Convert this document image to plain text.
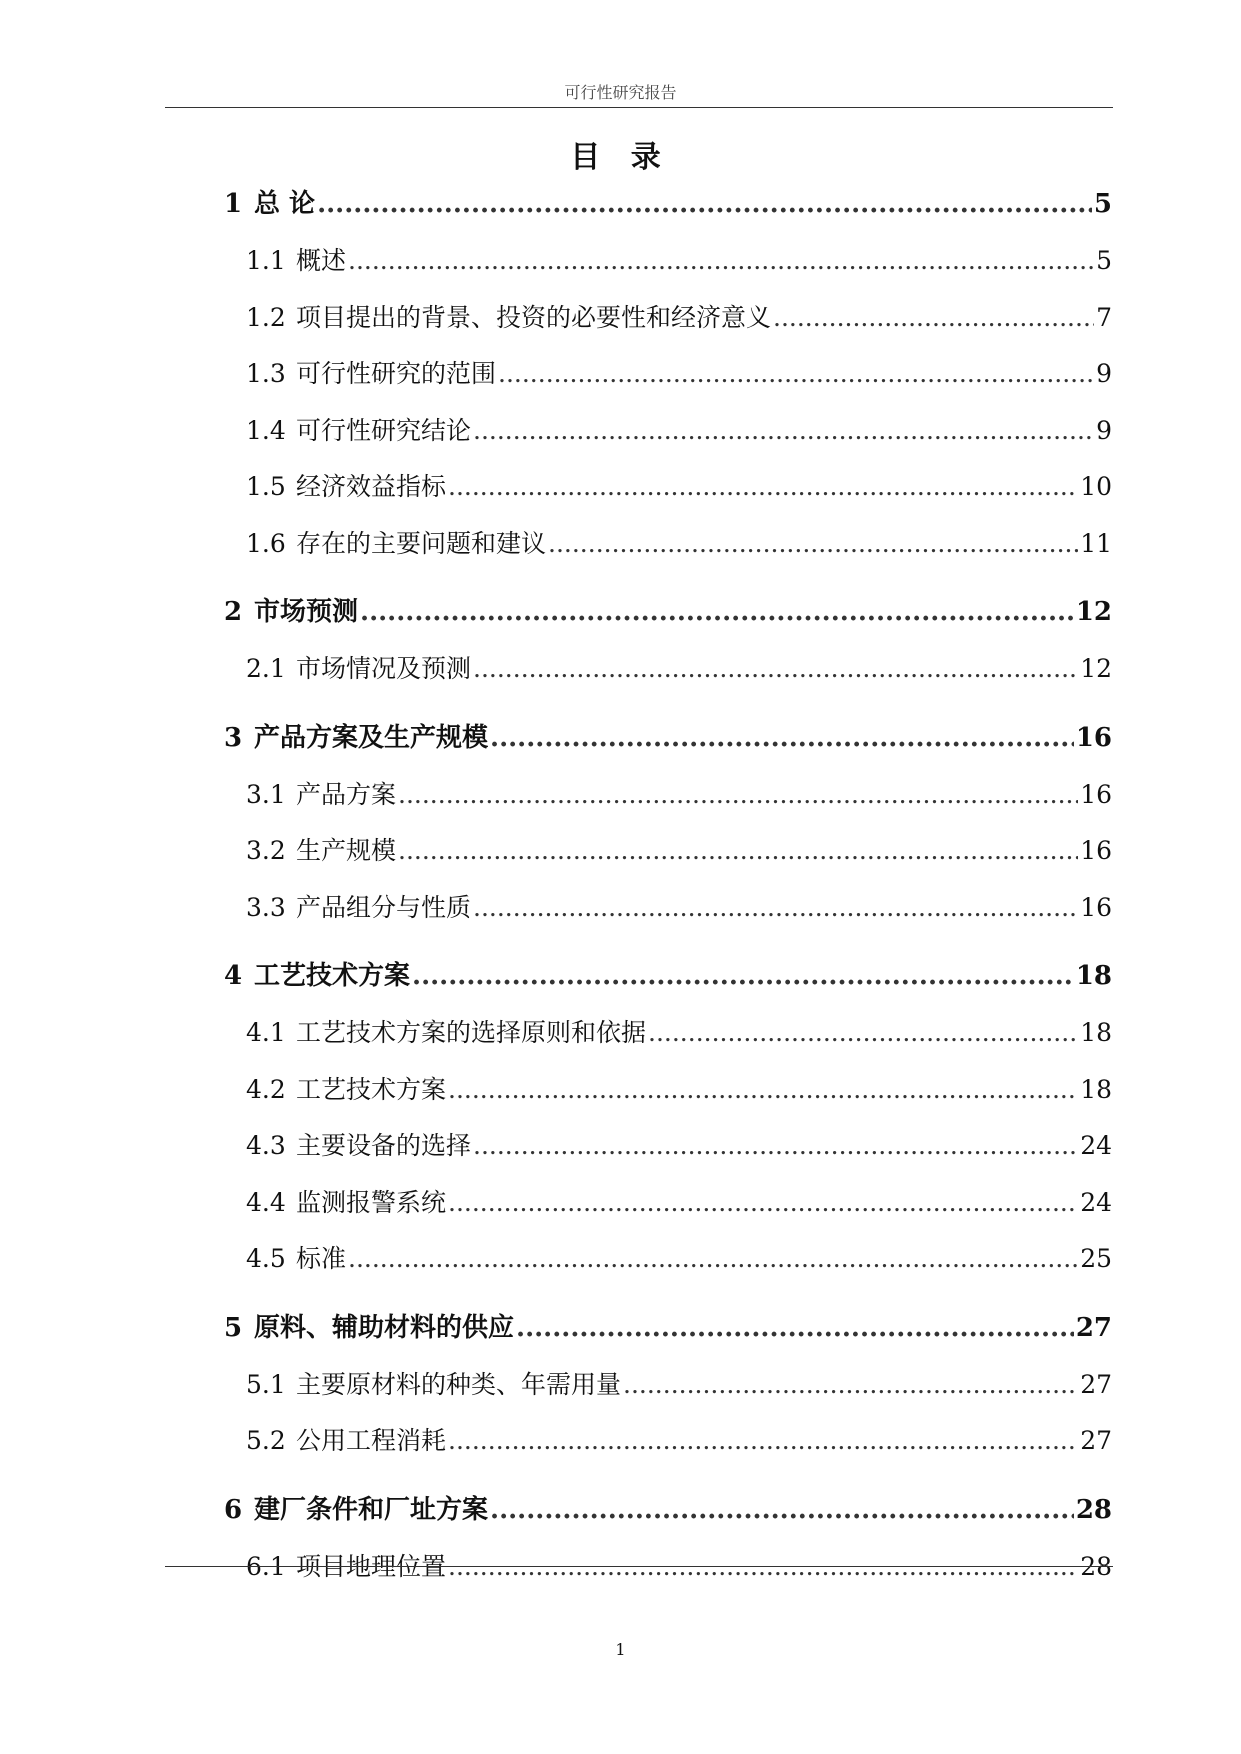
可行性研究报告
目 录
1 总 论 .....	5
1.1 概述 .....	5
1.2 项目提出的背景、投资的必要性和经济意义 .....	7
1.3 可行性研究的范围 .....	9
1.4 可行性研究结论 .....	9
1.5 经济效益指标 .....	10
1.6 存在的主要问题和建议 .....	11
2 市场预测 .....	12
2.1 市场情况及预测 .....	12
3 产品方案及生产规模 .....	16
3.1 产品方案 .....	16
3.2 生产规模 .....	16
3.3 产品组分与性质 .....	16
4 工艺技术方案 .....	18
4.1 工艺技术方案的选择原则和依据 .....	18
4.2 工艺技术方案 .....	18
4.3 主要设备的选择 .....	24
4.4 监测报警系统 .....	24
4.5 标准 .....	25
5 原料、辅助材料的供应 .....	27
5.1 主要原材料的种类、年需用量 .....	27
5.2 公用工程消耗 .....	27
6 建厂条件和厂址方案 .....	28
6.1 项目地理位置 .....	28
1
